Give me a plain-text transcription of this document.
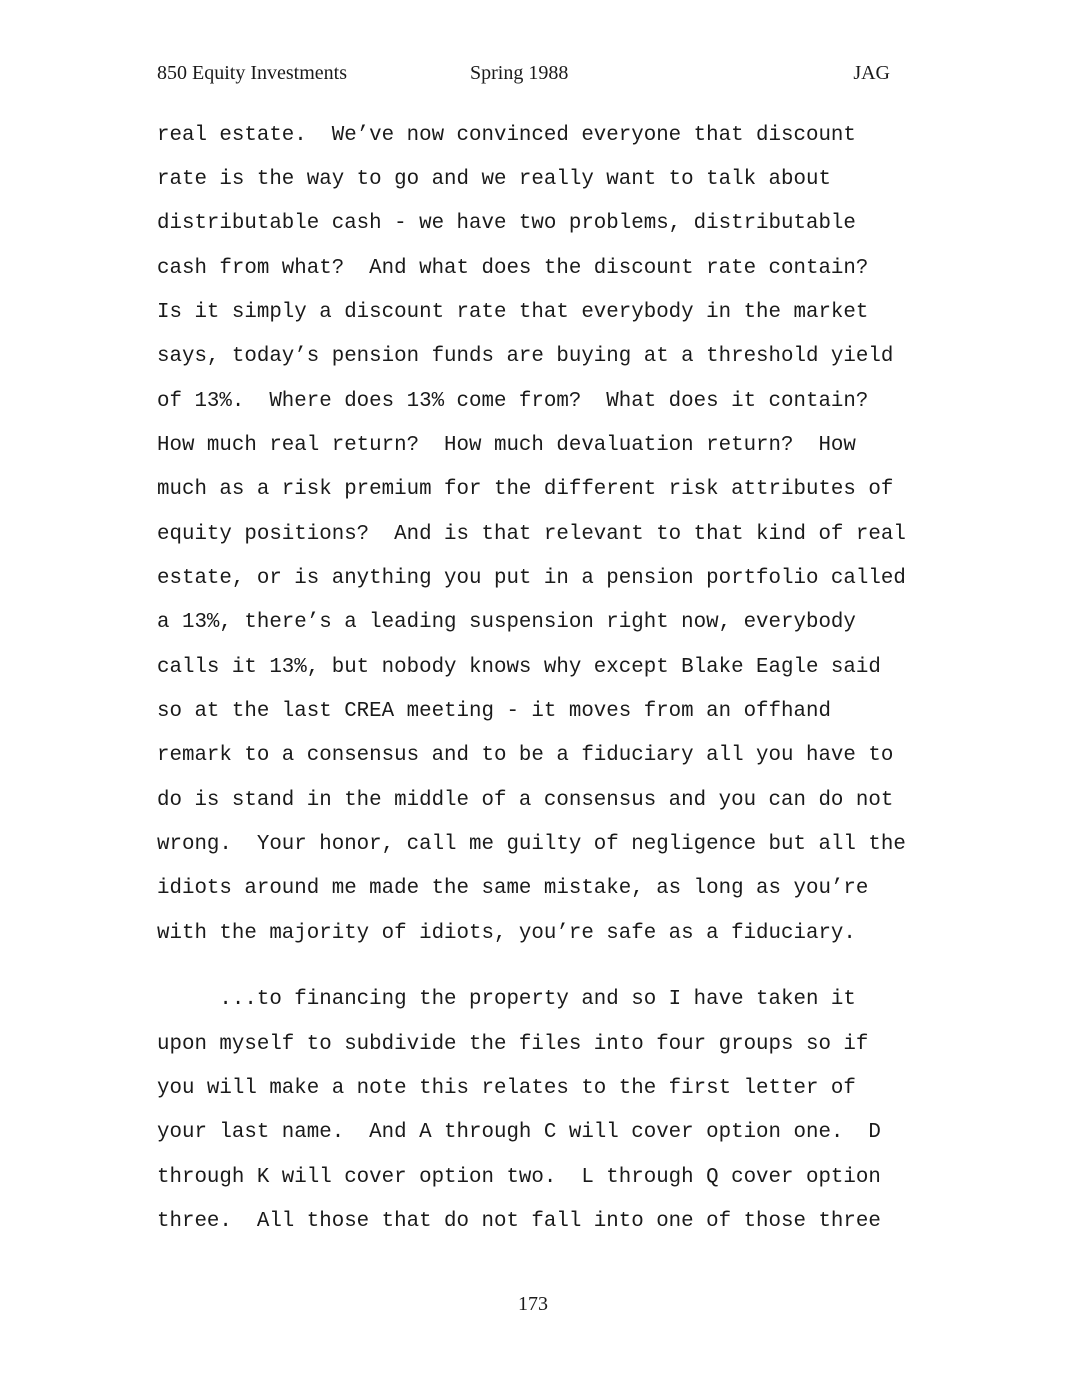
850 Equity Investments	Spring 1988	JAG
real estate.  We’ve now convinced everyone that discount
rate is the way to go and we really want to talk about
distributable cash - we have two problems, distributable
cash from what?  And what does the discount rate contain?
Is it simply a discount rate that everybody in the market
says, today’s pension funds are buying at a threshold yield
of 13%.  Where does 13% come from?  What does it contain?
How much real return?  How much devaluation return?  How
much as a risk premium for the different risk attributes of
equity positions?  And is that relevant to that kind of real
estate, or is anything you put in a pension portfolio called
a 13%, there’s a leading suspension right now, everybody
calls it 13%, but nobody knows why except Blake Eagle said
so at the last CREA meeting - it moves from an offhand
remark to a consensus and to be a fiduciary all you have to
do is stand in the middle of a consensus and you can do not
wrong.  Your honor, call me guilty of negligence but all the
idiots around me made the same mistake, as long as you’re
with the majority of idiots, you’re safe as a fiduciary.
...to financing the property and so I have taken it
upon myself to subdivide the files into four groups so if
you will make a note this relates to the first letter of
your last name.  And A through C will cover option one.  D
through K will cover option two.  L through Q cover option
three.  All those that do not fall into one of those three
173
